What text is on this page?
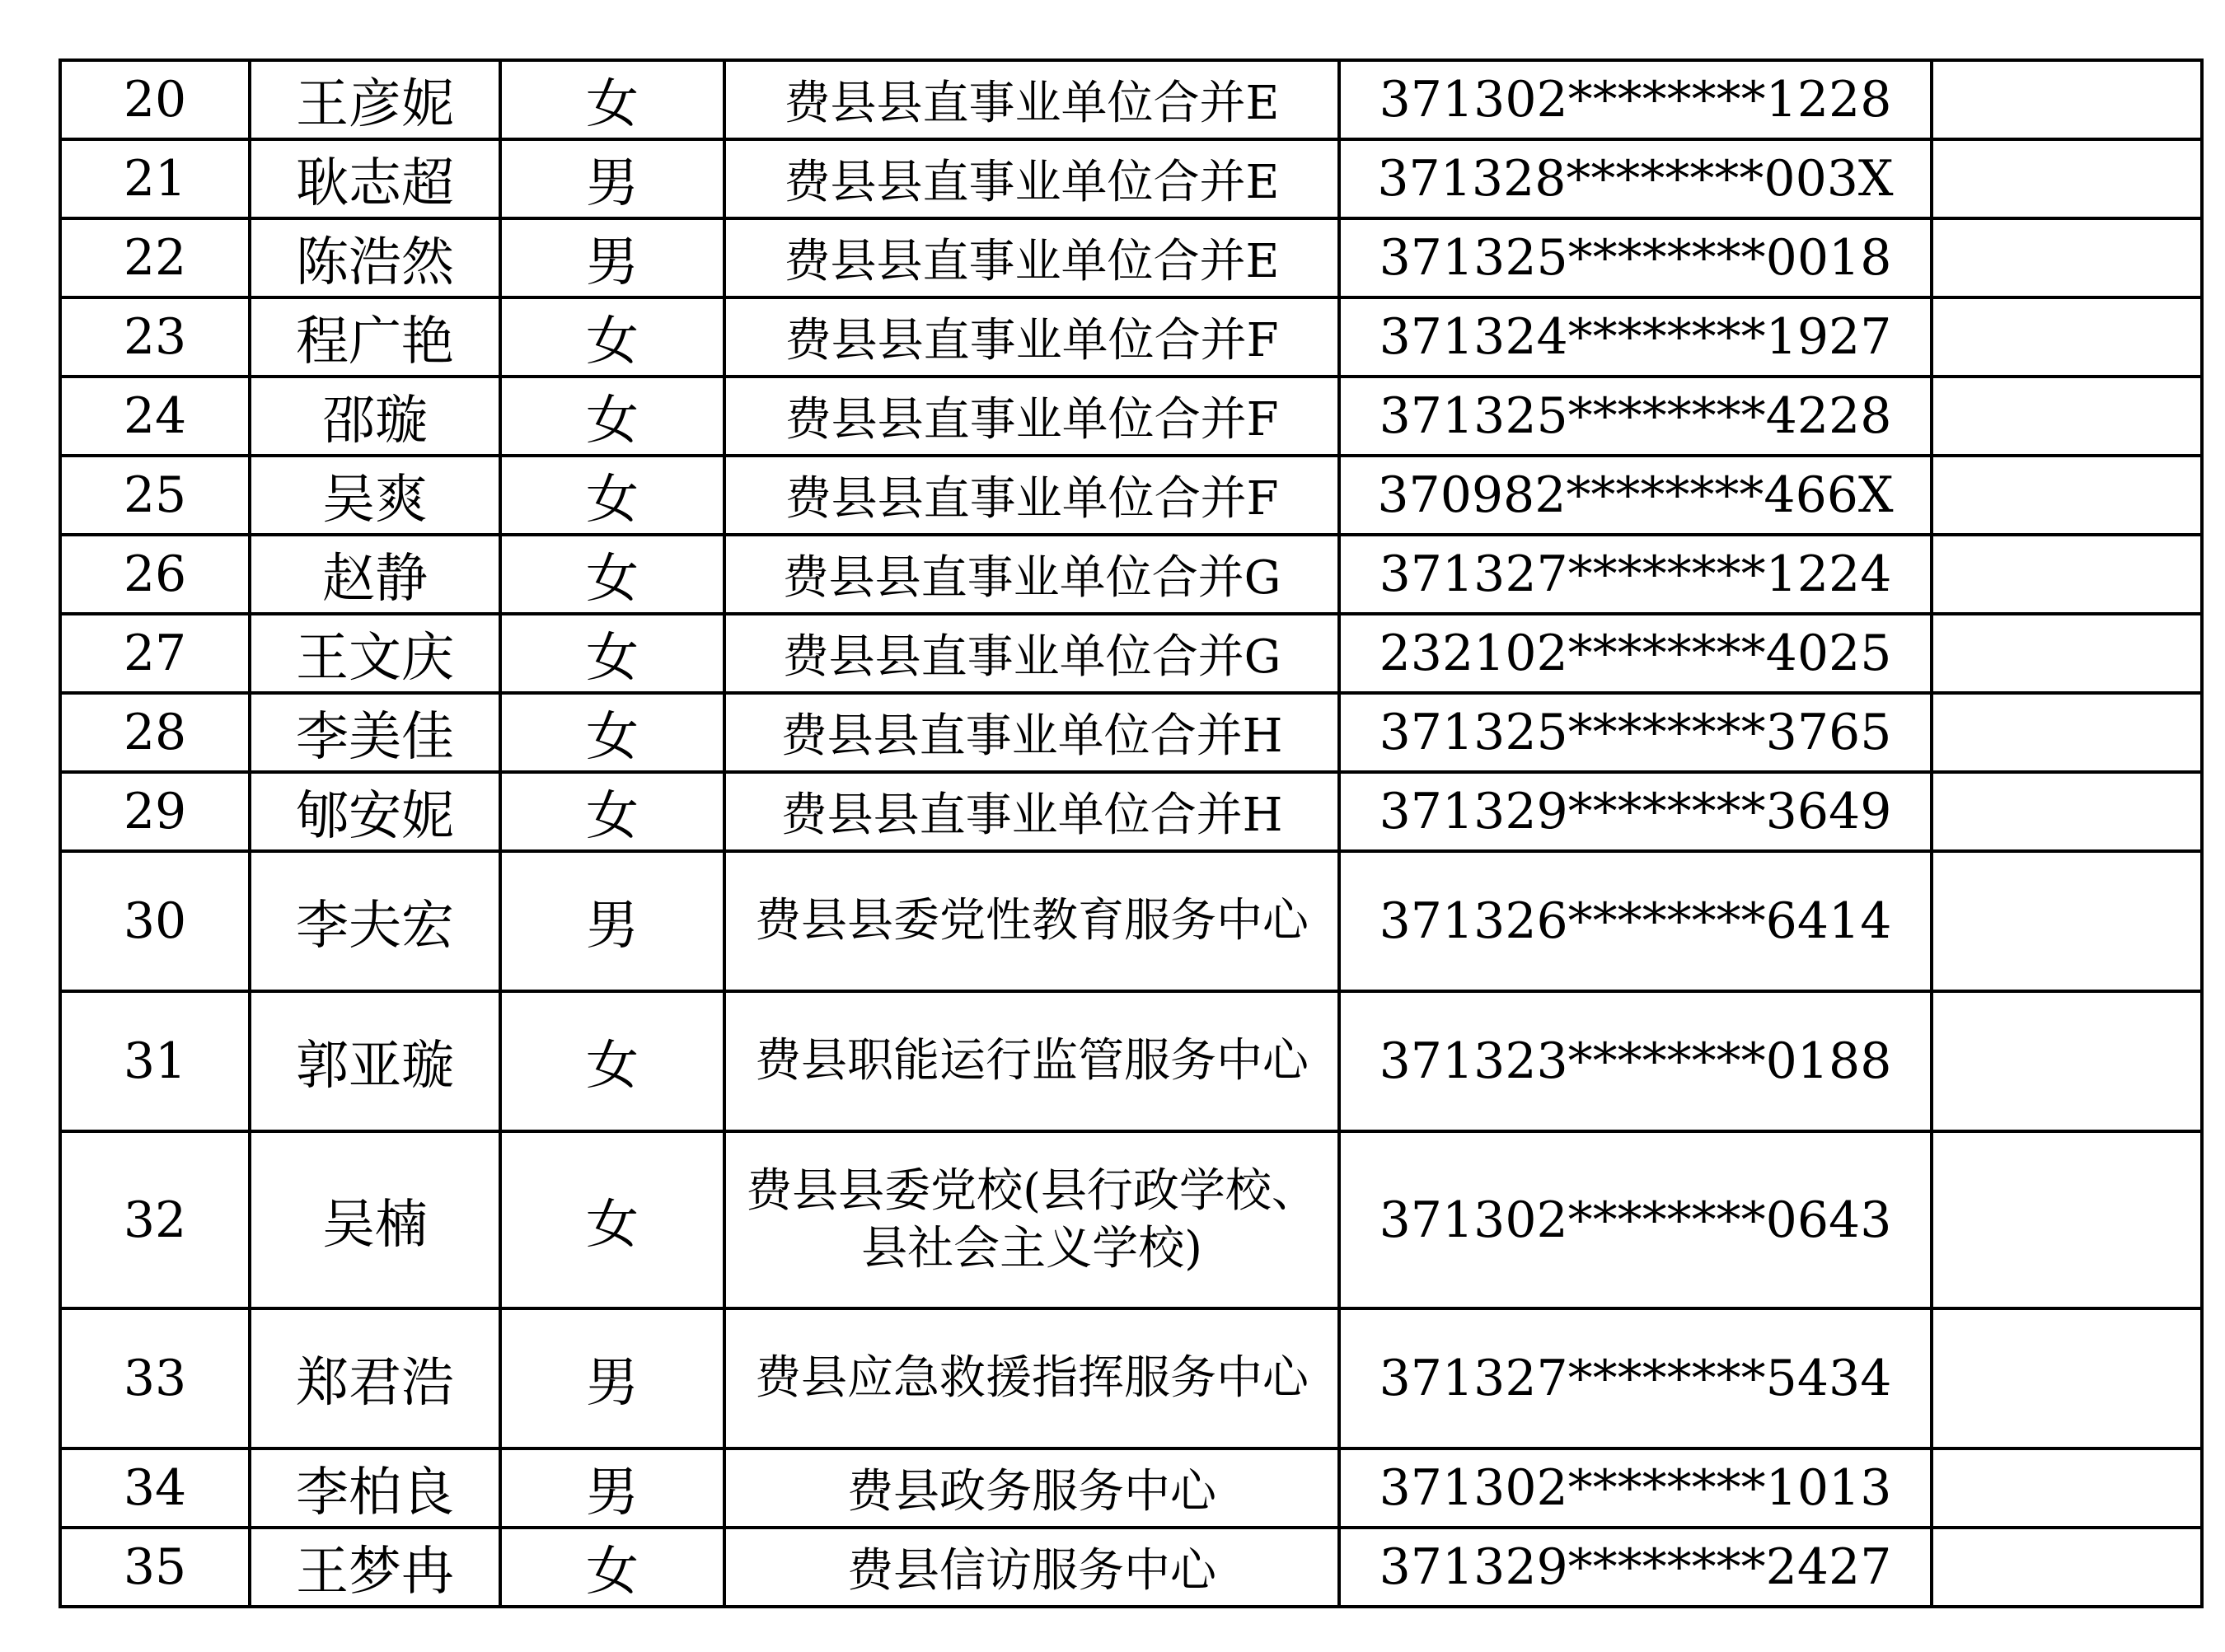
20	王彦妮	女	费县县直事业单位合并E	371302********1228	
21	耿志超	男	费县县直事业单位合并E	371328********003X	
22	陈浩然	男	费县县直事业单位合并E	371325********0018	
23	程广艳	女	费县县直事业单位合并F	371324********1927	
24	邵璇	女	费县县直事业单位合并F	371325********4228	
25	吴爽	女	费县县直事业单位合并F	370982********466X	
26	赵静	女	费县县直事业单位合并G	371327********1224	
27	王文庆	女	费县县直事业单位合并G	232102********4025	
28	李美佳	女	费县县直事业单位合并H	371325********3765	
29	郇安妮	女	费县县直事业单位合并H	371329********3649	
30	李夫宏	男	费县县委党性教育服务中心	371326********6414	
31	郭亚璇	女	费县职能运行监管服务中心	371323********0188	
32	吴楠	女	费县县委党校(县行政学校、县社会主义学校)	371302********0643	
33	郑君浩	男	费县应急救援指挥服务中心	371327********5434	
34	李柏良	男	费县政务服务中心	371302********1013	
35	王梦冉	女	费县信访服务中心	371329********2427	
